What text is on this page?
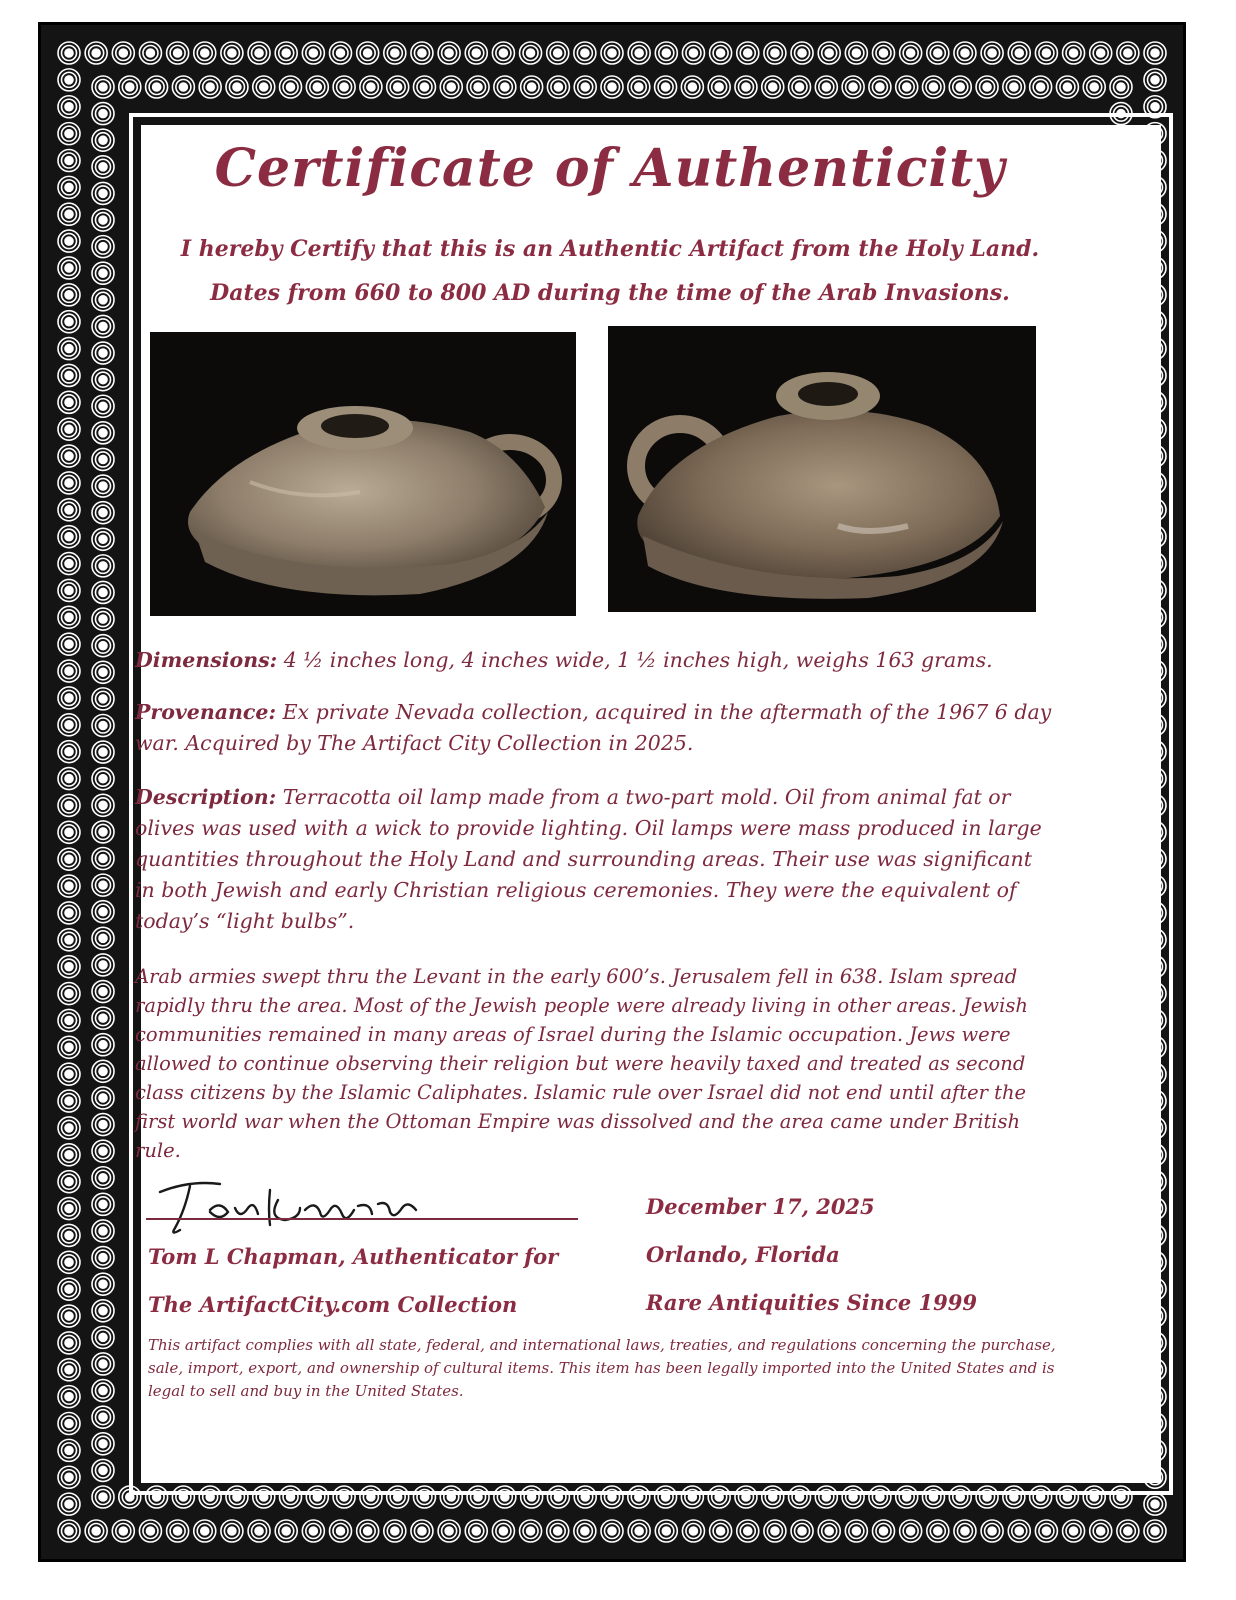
Certificate of Authenticity

I hereby Certify that this is an Authentic Artifact from the Holy Land.

Dates from 660 to 800 AD during the time of the Arab Invasions.

Dimensions: 4 ½ inches long, 4 inches wide, 1 ½ inches high, weighs 163 grams.

Provenance: Ex private Nevada collection, acquired in the aftermath of the 1967 6 day war. Acquired by The Artifact City Collection in 2025.

Description: Terracotta oil lamp made from a two-part mold. Oil from animal fat or olives was used with a wick to provide lighting. Oil lamps were mass produced in large quantities throughout the Holy Land and surrounding areas. Their use was significant in both Jewish and early Christian religious ceremonies. They were the equivalent of today’s “light bulbs”.

Arab armies swept thru the Levant in the early 600’s. Jerusalem fell in 638. Islam spread rapidly thru the area. Most of the Jewish people were already living in other areas. Jewish communities remained in many areas of Israel during the Islamic occupation. Jews were allowed to continue observing their religion but were heavily taxed and treated as second class citizens by the Islamic Caliphates. Islamic rule over Israel did not end until after the first world war when the Ottoman Empire was dissolved and the area came under British rule.

Tom L Chapman, Authenticator for

The ArtifactCity.com Collection

December 17, 2025

Orlando, Florida

Rare Antiquities Since 1999

This artifact complies with all state, federal, and international laws, treaties, and regulations concerning the purchase, sale, import, export, and ownership of cultural items. This item has been legally imported into the United States and is legal to sell and buy in the United States.
